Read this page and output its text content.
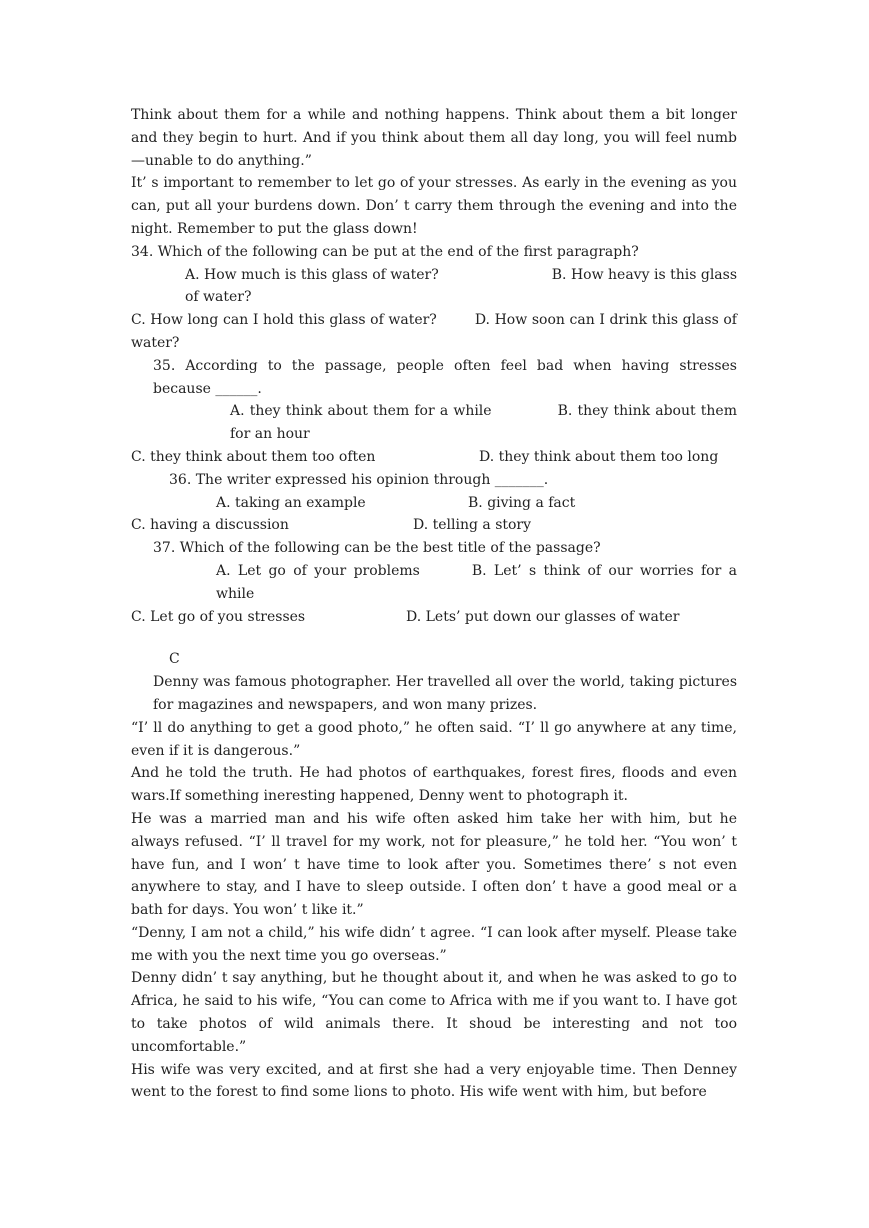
Think about them for a while and nothing happens. Think about them a bit longer and they begin to hurt. And if you think about them all day long, you will feel numb—unable to do anything.”

It’ s important to remember to let go of your stresses. As early in the evening as you can, put all your burdens down. Don’ t carry them through the evening and into the night. Remember to put the glass down!

34. Which of the following can be put at the end of the first paragraph?

A. How much is this glass of water?	B. How heavy is this glass of water?

C. How long can I hold this glass of water?	D. How soon can I drink this glass of water?

35. According to the passage, people often feel bad when having stresses because ______.

A. they think about them for a while	B. they think about them for an hour

C. they think about them too often	D. they think about them too long

36. The writer expressed his opinion through _______.

A. taking an example	B. giving a fact
C. having a discussion	D. telling a story

37. Which of the following can be the best title of the passage?

A. Let go of your problems	B. Let’ s think of our worries for a while

C. Let go of you stresses	D. Lets’ put down our glasses of water

C

Denny was famous photographer. Her travelled all over the world, taking pictures for magazines and newspapers, and won many prizes.

“I’ ll do anything to get a good photo,” he often said. “I’ ll go anywhere at any time, even if it is dangerous.”

And he told the truth. He had photos of earthquakes, forest fires, floods and even wars.If something ineresting happened, Denny went to photograph it.

He was a married man and his wife often asked him take her with him, but he always refused. “I’ ll travel for my work, not for pleasure,” he told her. “You won’ t have fun, and I won’ t have time to look after you. Sometimes there’ s not even anywhere to stay, and I have to sleep outside. I often don’ t have a good meal or a bath for days. You won’ t like it.”

“Denny, I am not a child,” his wife didn’ t agree. “I can look after myself. Please take me with you the next time you go overseas.”

Denny didn’ t say anything, but he thought about it, and when he was asked to go to Africa, he said to his wife, “You can come to Africa with me if you want to. I have got to take photos of wild animals there. It shoud be interesting and not too uncomfortable.”

His wife was very excited, and at first she had a very enjoyable time. Then Denney went to the forest to find some lions to photo. His wife went with him, but before
